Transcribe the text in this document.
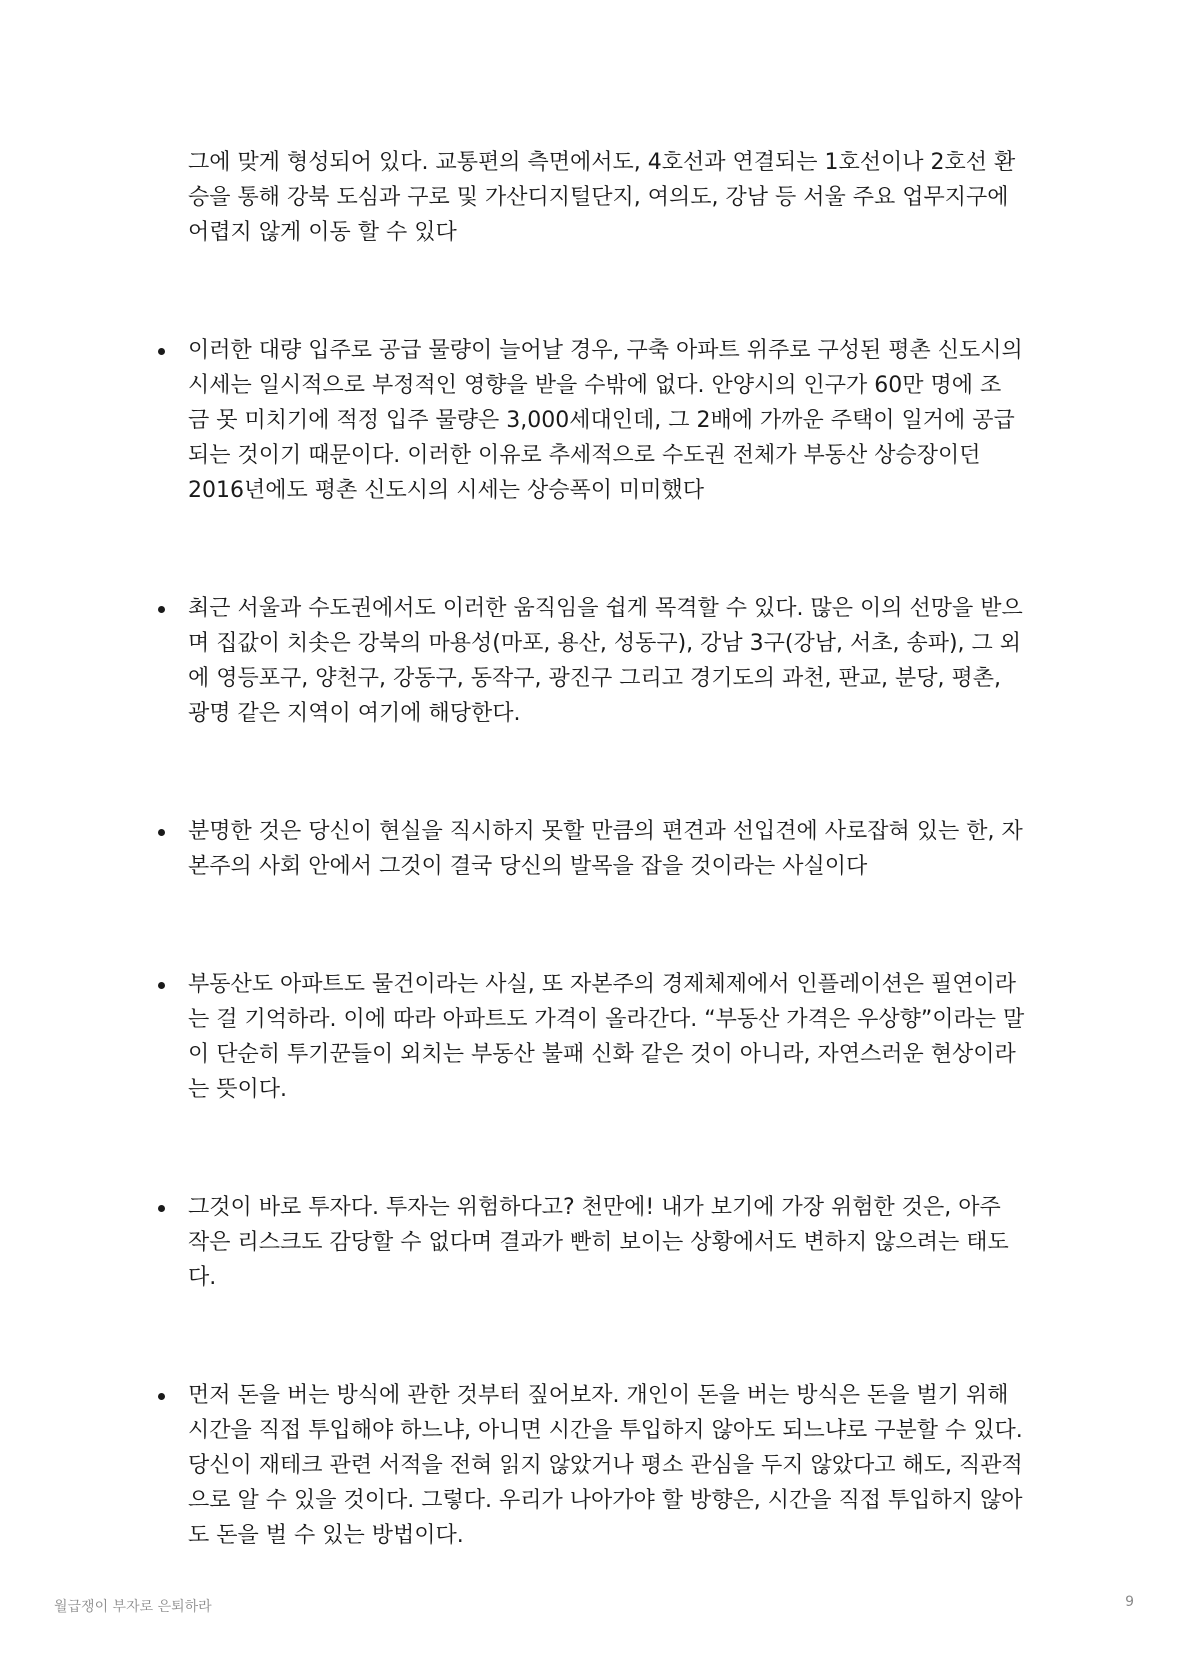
그에 맞게 형성되어 있다. 교통편의 측면에서도, 4호선과 연결되는 1호선이나 2호선 환
승을 통해 강북 도심과 구로 및 가산디지털단지, 여의도, 강남 등 서울 주요 업무지구에
어렵지 않게 이동 할 수 있다

이러한 대량 입주로 공급 물량이 늘어날 경우, 구축 아파트 위주로 구성된 평촌 신도시의
시세는 일시적으로 부정적인 영향을 받을 수밖에 없다. 안양시의 인구가 60만 명에 조
금 못 미치기에 적정 입주 물량은 3,000세대인데, 그 2배에 가까운 주택이 일거에 공급
되는 것이기 때문이다. 이러한 이유로 추세적으로 수도권 전체가 부동산 상승장이던
2016년에도 평촌 신도시의 시세는 상승폭이 미미했다

최근 서울과 수도권에서도 이러한 움직임을 쉽게 목격할 수 있다. 많은 이의 선망을 받으
며 집값이 치솟은 강북의 마용성(마포, 용산, 성동구), 강남 3구(강남, 서초, 송파), 그 외
에 영등포구, 양천구, 강동구, 동작구, 광진구 그리고 경기도의 과천, 판교, 분당, 평촌,
광명 같은 지역이 여기에 해당한다.

분명한 것은 당신이 현실을 직시하지 못할 만큼의 편견과 선입견에 사로잡혀 있는 한, 자
본주의 사회 안에서 그것이 결국 당신의 발목을 잡을 것이라는 사실이다

부동산도 아파트도 물건이라는 사실, 또 자본주의 경제체제에서 인플레이션은 필연이라
는 걸 기억하라. 이에 따라 아파트도 가격이 올라간다. “부동산 가격은 우상향”이라는 말
이 단순히 투기꾼들이 외치는 부동산 불패 신화 같은 것이 아니라, 자연스러운 현상이라
는 뜻이다.

그것이 바로 투자다. 투자는 위험하다고? 천만에! 내가 보기에 가장 위험한 것은, 아주
작은 리스크도 감당할 수 없다며 결과가 빤히 보이는 상황에서도 변하지 않으려는 태도
다.

먼저 돈을 버는 방식에 관한 것부터 짚어보자. 개인이 돈을 버는 방식은 돈을 벌기 위해
시간을 직접 투입해야 하느냐, 아니면 시간을 투입하지 않아도 되느냐로 구분할 수 있다.
당신이 재테크 관련 서적을 전혀 읽지 않았거나 평소 관심을 두지 않았다고 해도, 직관적
으로 알 수 있을 것이다. 그렇다. 우리가 나아가야 할 방향은, 시간을 직접 투입하지 않아
도 돈을 벌 수 있는 방법이다.

월급쟁이 부자로 은퇴하라	9
